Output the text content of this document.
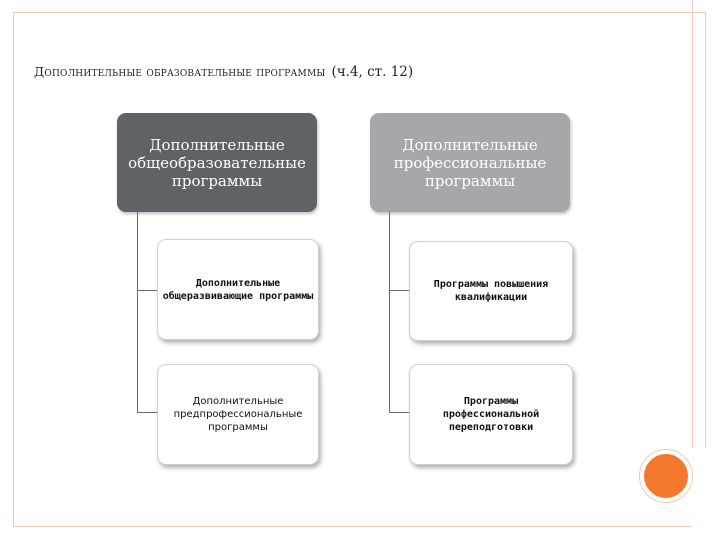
Дополнительные образовательные программы (ч.4, ст. 12)
Дополнительные общеобразовательные программы
Дополнительные общеразвивающие программы
Дополнительные предпрофессиональные программы
Дополнительные профессиональные программы
Программы повышения квалификации
Программы профессиональной переподготовки
